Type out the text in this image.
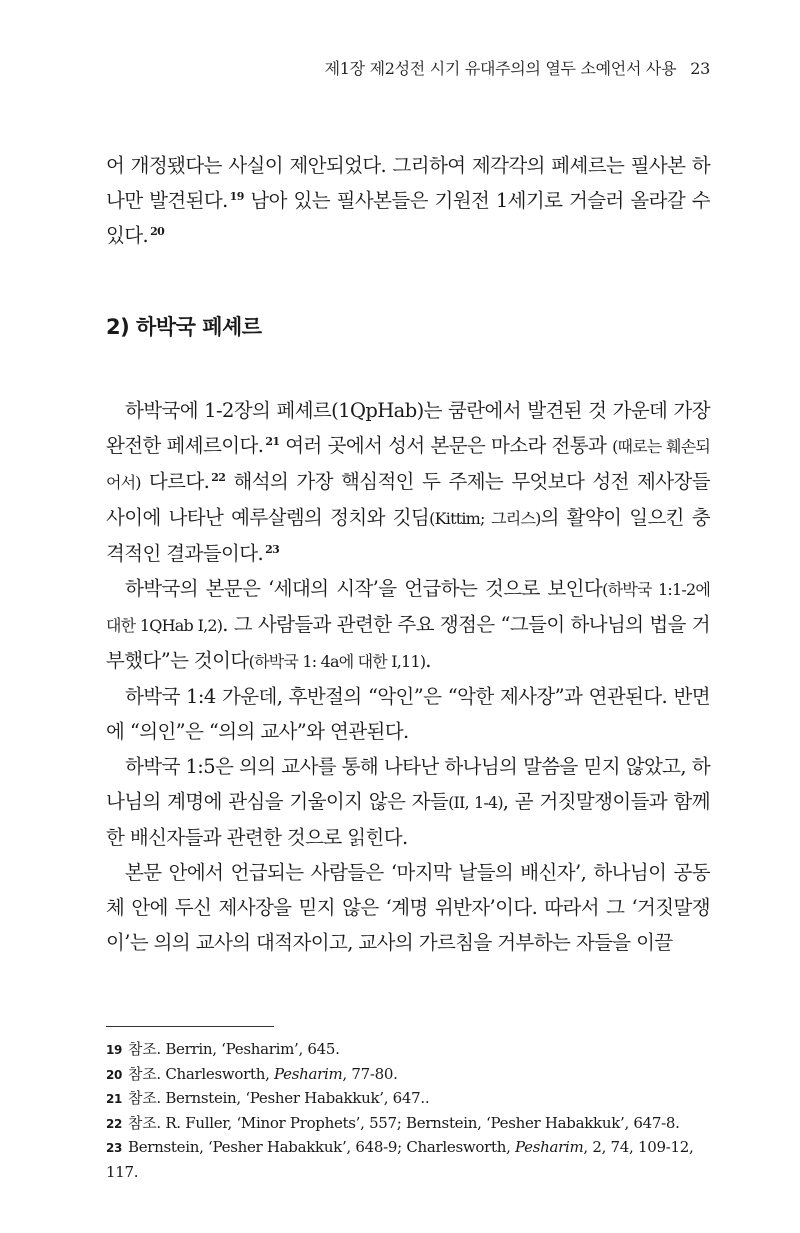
제1장 제2성전 시기 유대주의의 열두 소예언서 사용 23

어 개정됐다는 사실이 제안되었다. 그리하여 제각각의 페셰르는 필사본 하나만 발견된다. $^{19}$ 남아 있는 필사본들은 기원전 1세기로 거슬러 올라갈 수 있다. $^{20}$

2) 하박국 페셰르

하박국에 1-2장의 페셰르(1QpHab)는 쿰란에서 발견된 것 가운데 가장 완전한 페셰르이다. $^{21}$ 여러 곳에서 성서 본문은 마소라 전통과 (때로는 훼손되어서) 다르다. $^{22}$ 해석의 가장 핵심적인 두 주제는 무엇보다 성전 제사장들 사이에 나타난 예루살렘의 정치와 깃딤(Kittim; 그리스)의 활약이 일으킨 충격적인 결과들이다. $^{23}$

하박국의 본문은 ‘세대의 시작’을 언급하는 것으로 보인다(하박국 1:1-2에 대한 1QHab I,2). 그 사람들과 관련한 주요 쟁점은 “그들이 하나님의 법을 거부했다”는 것이다(하박국 1: 4a에 대한 I,11).

하박국 1:4 가운데, 후반절의 “악인”은 “악한 제사장”과 연관된다. 반면에 “의인”은 “의의 교사”와 연관된다.

하박국 1:5은 의의 교사를 통해 나타난 하나님의 말씀을 믿지 않았고, 하나님의 계명에 관심을 기울이지 않은 자들(II, 1-4), 곧 거짓말쟁이들과 함께한 배신자들과 관련한 것으로 읽힌다.

본문 안에서 언급되는 사람들은 ‘마지막 날들의 배신자’, 하나님이 공동체 안에 두신 제사장을 믿지 않은 ‘계명 위반자’이다. 따라서 그 ‘거짓말쟁이’는 의의 교사의 대적자이고, 교사의 가르침을 거부하는 자들을 이끌

19 참조. Berrin, ‘Pesharim’, 645.
20 참조. Charlesworth, Pesharim, 77-80.
21 참조. Bernstein, ‘Pesher Habakkuk’, 647..
22 참조. R. Fuller, ‘Minor Prophets’, 557; Bernstein, ‘Pesher Habakkuk’, 647-8.
23 Bernstein, ‘Pesher Habakkuk’, 648-9; Charlesworth, Pesharim, 2, 74, 109-12, 117.
